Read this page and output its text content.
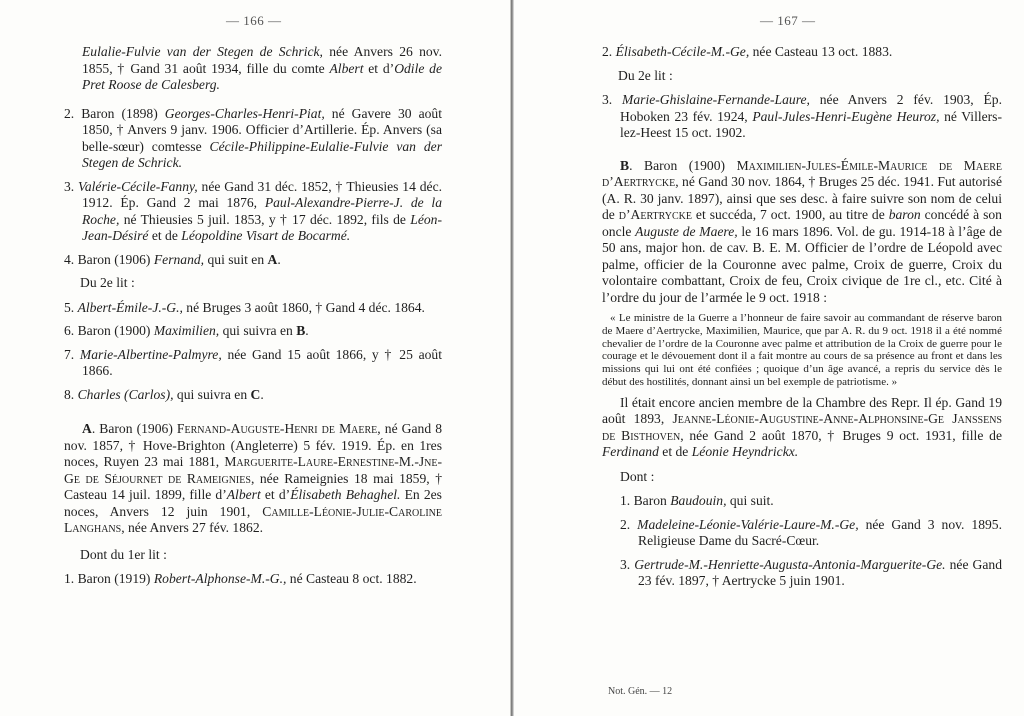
— 166 —

Eulalie-Fulvie van der Stegen de Schrick, née Anvers 26 nov. 1855, † Gand 31 août 1934, fille du comte Albert et d’Odile de Pret Roose de Calesberg.

2. Baron (1898) Georges-Charles-Henri-Piat, né Gavere 30 août 1850, † Anvers 9 janv. 1906. Officier d’Artillerie. Ép. Anvers (sa belle-sœur) comtesse Cécile-Philippine-Eulalie-Fulvie van der Stegen de Schrick.

3. Valérie-Cécile-Fanny, née Gand 31 déc. 1852, † Thieusies 14 déc. 1912. Ép. Gand 2 mai 1876, Paul-Alexandre-Pierre-J. de la Roche, né Thieusies 5 juil. 1853, y † 17 déc. 1892, fils de Léon-Jean-Désiré et de Léopoldine Visart de Bocarmé.

4. Baron (1906) Fernand, qui suit en A.

Du 2e lit :

5. Albert-Émile-J.-G., né Bruges 3 août 1860, † Gand 4 déc. 1864.

6. Baron (1900) Maximilien, qui suivra en B.

7. Marie-Albertine-Palmyre, née Gand 15 août 1866, y † 25 août 1866.

8. Charles (Carlos), qui suivra en C.

A. Baron (1906) Fernand-Auguste-Henri de Maere, né Gand 8 nov. 1857, † Hove-Brighton (Angleterre) 5 fév. 1919. Ép. en 1res noces, Ruyen 23 mai 1881, Marguerite-Laure-Ernestine-M.-Jne-Ge de Séjournet de Rameignies, née Rameignies 18 mai 1859, † Casteau 14 juil. 1899, fille d’Albert et d’Élisabeth Behaghel. En 2es noces, Anvers 12 juin 1901, Camille-Léonie-Julie-Caroline Langhans, née Anvers 27 fév. 1862.

Dont du 1er lit :

1. Baron (1919) Robert-Alphonse-M.-G., né Casteau 8 oct. 1882.

— 167 —

2. Élisabeth-Cécile-M.-Ge, née Casteau 13 oct. 1883.

Du 2e lit :

3. Marie-Ghislaine-Fernande-Laure, née Anvers 2 fév. 1903, Ép. Hoboken 23 fév. 1924, Paul-Jules-Henri-Eugène Heuroz, né Villers-lez-Heest 15 oct. 1902.

B. Baron (1900) Maximilien-Jules-Émile-Maurice de Maere d’Aertrycke, né Gand 30 nov. 1864, † Bruges 25 déc. 1941. Fut autorisé (A. R. 30 janv. 1897), ainsi que ses desc. à faire suivre son nom de celui de d’Aertrycke et succéda, 7 oct. 1900, au titre de baron concédé à son oncle Auguste de Maere, le 16 mars 1896. Vol. de gu. 1914-18 à l’âge de 50 ans, major hon. de cav. B. E. M. Officier de l’ordre de Léopold avec palme, officier de la Couronne avec palme, Croix de guerre, Croix du volontaire combattant, Croix de feu, Croix civique de 1re cl., etc. Cité à l’ordre du jour de l’armée le 9 oct. 1918 :

« Le ministre de la Guerre a l’honneur de faire savoir au commandant de réserve baron de Maere d’Aertrycke, Maximilien, Maurice, que par A. R. du 9 oct. 1918 il a été nommé chevalier de l’ordre de la Couronne avec palme et attribution de la Croix de guerre pour le courage et le dévouement dont il a fait montre au cours de sa présence au front et dans les missions qui lui ont été confiées ; quoique d’un âge avancé, a repris du service dès le début des hostilités, donnant ainsi un bel exemple de patriotisme. »

Il était encore ancien membre de la Chambre des Repr. Il ép. Gand 19 août 1893, Jeanne-Léonie-Augustine-Anne-Alphonsine-Ge Janssens de Bisthoven, née Gand 2 août 1870, † Bruges 9 oct. 1931, fille de Ferdinand et de Léonie Heyndrickx.

Dont :

1. Baron Baudouin, qui suit.

2. Madeleine-Léonie-Valérie-Laure-M.-Ge, née Gand 3 nov. 1895. Religieuse Dame du Sacré-Cœur.

3. Gertrude-M.-Henriette-Augusta-Antonia-Marguerite-Ge. née Gand 23 fév. 1897, † Aertrycke 5 juin 1901.

Not. Gén. — 12
